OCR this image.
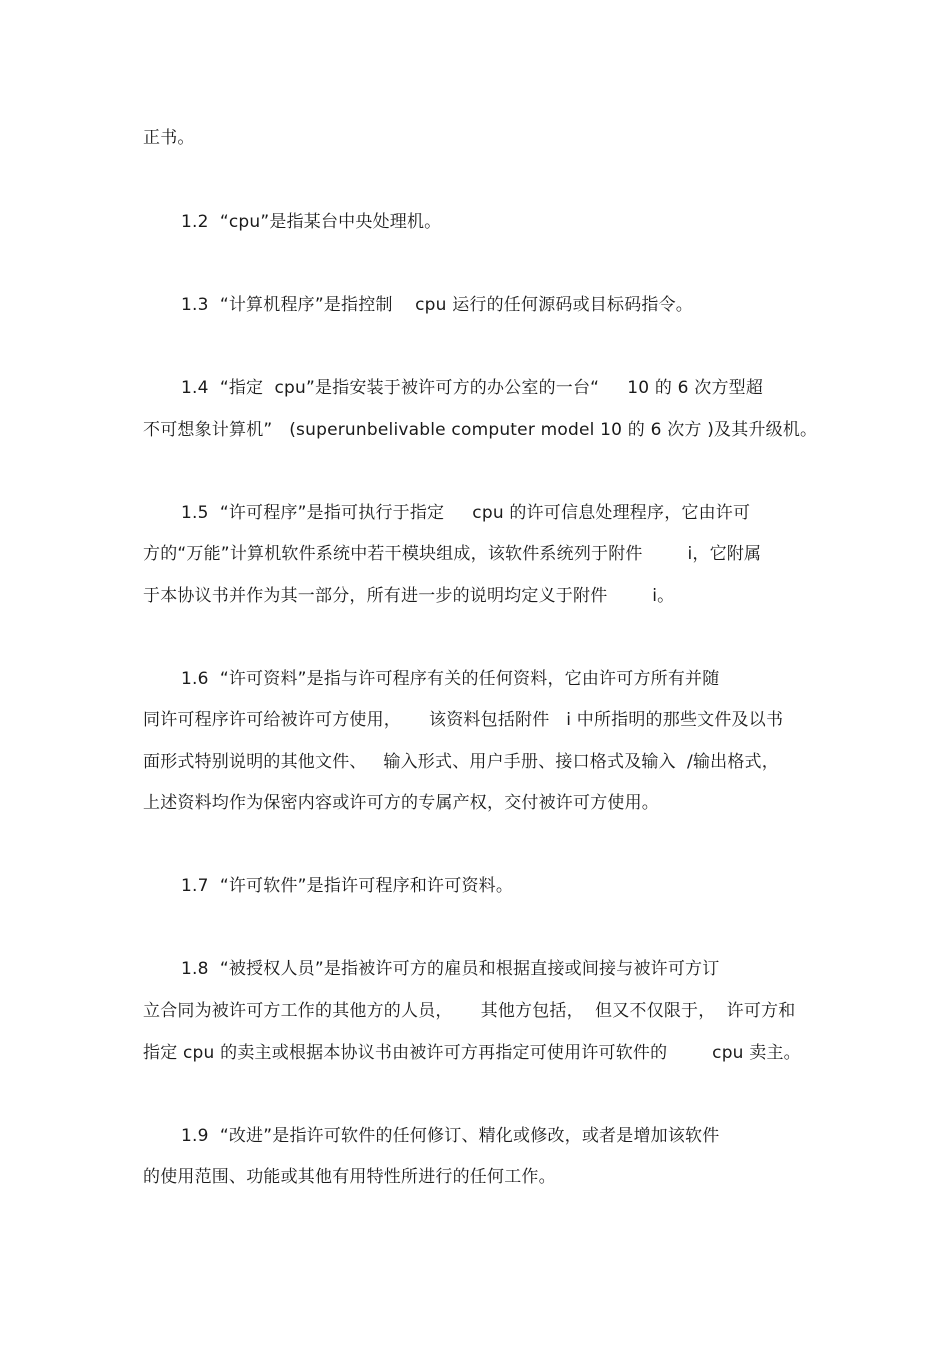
正书。
1.2  “cpu”是指某台中央处理机。
1.3  “计算机程序”是指控制    cpu 运行的任何源码或目标码指令。
1.4  “指定  cpu”是指安装于被许可方的办公室的一台“     10 的 6 次方型超
不可想象计算机”   (superunbelivable computer model 10 的 6 次方 )及其升级机。
1.5  “许可程序”是指可执行于指定     cpu 的许可信息处理程序，它由许可
方的“万能”计算机软件系统中若干模块组成，该软件系统列于附件        i，它附属
于本协议书并作为其一部分，所有进一步的说明均定义于附件        i。
1.6  “许可资料”是指与许可程序有关的任何资料，它由许可方所有并随
同许可程序许可给被许可方使用，     该资料包括附件   i 中所指明的那些文件及以书
面形式特别说明的其他文件、   输入形式、用户手册、接口格式及输入  /输出格式，
上述资料均作为保密内容或许可方的专属产权，交付被许可方使用。
1.7  “许可软件”是指许可程序和许可资料。
1.8  “被授权人员”是指被许可方的雇员和根据直接或间接与被许可方订
立合同为被许可方工作的其他方的人员，     其他方包括，  但又不仅限于，  许可方和
指定 cpu 的卖主或根据本协议书由被许可方再指定可使用许可软件的        cpu 卖主。
1.9  “改进”是指许可软件的任何修订、精化或修改，或者是增加该软件
的使用范围、功能或其他有用特性所进行的任何工作。
